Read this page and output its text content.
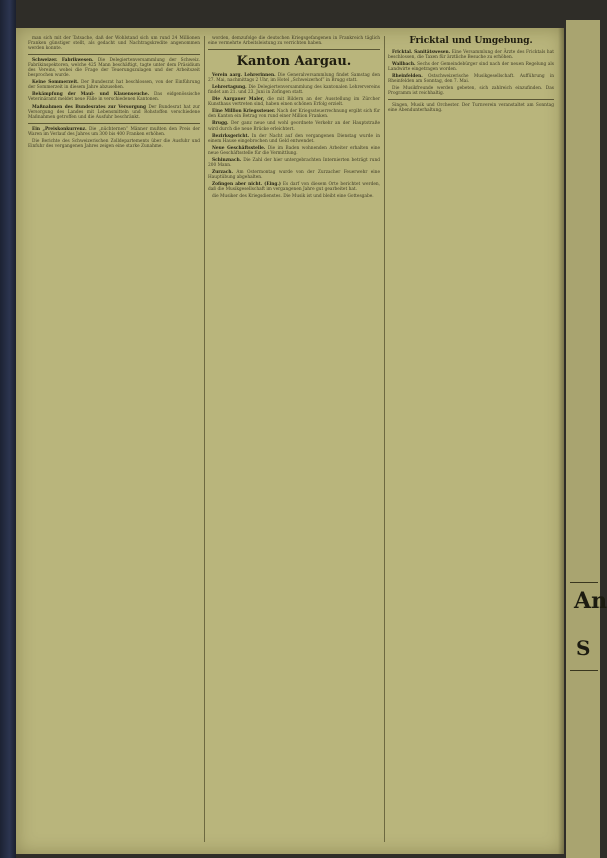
man sich mit der Tatsache, daß der Wohlstand sich um rund 24 Millionen Franken günstiger stellt, als gedacht und Nachtragskredite angenommen werden konnte.

Schweizer. Fabrikwesen. Die Delegiertenversammlung der Schweiz. Fabrikinspektoren, welche 425 Mann beschäftigt, tagte unter dem Präsidium des Vereins, wobei die Frage der Teuerungszulagen und der Arbeitszeit besprochen wurde.

Keine Sommerzeit. Der Bundesrat hat beschlossen, von der Einführung der Sommerzeit in diesem Jahre abzusehen.

Bekämpfung der Maul- und Klauenseuche. Das eidgenössische Veterinäramt meldet neue Fälle in verschiedenen Kantonen.

Maßnahmen des Bundesrates zur Versorgung Der Bundesrat hat zur Versorgung des Landes mit Lebensmitteln und Rohstoffen verschiedene Maßnahmen getroffen und die Ausfuhr beschränkt.

Ein „Preiskonkurrenz. Die „nüchternen“ Männer mußten den Preis der Waren im Verlauf des Jahres um 300 bis 400 Franken erhöhen.

Die Berichte des Schweizerischen Zolldepartements über die Ausfuhr und Einfuhr des vergangenen Jahres zeigen eine starke Zunahme.

worden, demzufolge die deutschen Kriegsgefangenen in Frankreich täglich eine vermehrte Arbeitsleistung zu verrichten haben.

Kanton Aargau.

Verein aarg. Lehrerinnen. Die Generalversammlung findet Samstag den 27. Mai, nachmittags 2 Uhr, im Hotel „Schweizerhof“ in Brugg statt.

Lehrertagung. Die Delegiertenversammlung des kantonalen Lehrervereins findet am 21. und 23. Juni in Zofingen statt.

Die Aargauer Maler, die mit Bildern an der Ausstellung im Zürcher Kunsthaus vertreten sind, haben einen schönen Erfolg erzielt.

Eine Million Kriegssteuer. Nach der Kriegssteuerrechnung ergibt sich für den Kanton ein Betrag von rund einer Million Franken.

Brugg. Der ganz neue und wohl geordnete Verkehr an der Hauptstraße wird durch die neue Brücke erleichtert.

Bezirksgericht. In der Nacht auf den vergangenen Dienstag wurde in einem Hause eingebrochen und Geld entwendet.

Neue Geschäftsstelle. Die im Baden wohnenden Arbeiter erhalten eine neue Geschäftsstelle für die Vermittlung.

Schinznach. Die Zahl der hier untergebrachten Internierten beträgt rund 200 Mann.

Zurzach. Am Ostermontag wurde von der Zurzacher Feuerwehr eine Hauptübung abgehalten.

Zofingen aber nicht. (Eing.) Es darf von diesem Orte berichtet werden, daß die Musikgesellschaft im vergangenen Jahre gut gearbeitet hat.

die Musiker des Kriegsdienstes. Die Musik ist und bleibt eine Gottesgabe.

Fricktal und Umgebung.

Fricktal. Sanitätswesen. Eine Versammlung der Ärzte des Fricktals hat beschlossen, die Taxen für ärztliche Besuche zu erhöhen.

Wallbach. Sechs der Gemeindebürger sind nach der neuen Regelung als Landwirte eingetragen worden.

Rheinfelden. Ostschweizerische Musikgesellschaft. Aufführung in Rheinfelden am Sonntag, den 7. Mai.

Die Musikfreunde werden gebeten, sich zahlreich einzufinden. Das Programm ist reichhaltig.

Singen, Musik und Orchester. Der Turnverein veranstaltet am Sonntag eine Abendunterhaltung.

An
S
